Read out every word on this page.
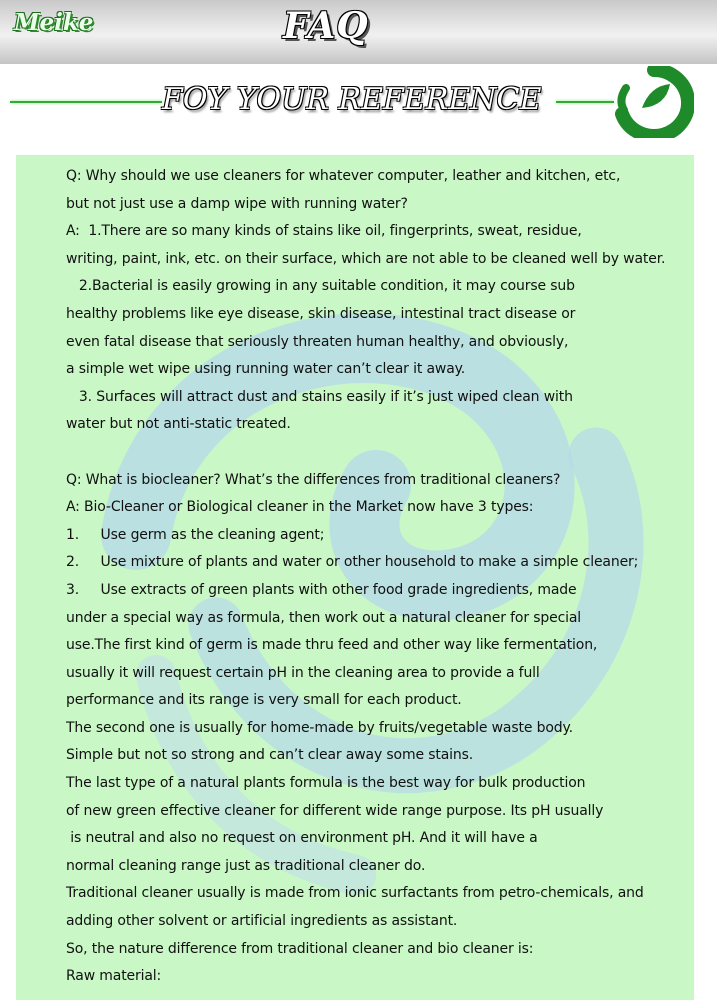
Meike	FAQ
FOY YOUR REFERENCE
Q: Why should we use cleaners for whatever computer, leather and kitchen, etc,
but not just use a damp wipe with running water?
A:  1.There are so many kinds of stains like oil, fingerprints, sweat, residue,
writing, paint, ink, etc. on their surface, which are not able to be cleaned well by water.
2.Bacterial is easily growing in any suitable condition, it may course sub
healthy problems like eye disease, skin disease, intestinal tract disease or
even fatal disease that seriously threaten human healthy, and obviously,
a simple wet wipe using running water can’t clear it away.
3. Surfaces will attract dust and stains easily if it’s just wiped clean with
water but not anti-static treated.
Q: What is biocleaner? What’s the differences from traditional cleaners?
A: Bio-Cleaner or Biological cleaner in the Market now have 3 types:
1.     Use germ as the cleaning agent;
2.     Use mixture of plants and water or other household to make a simple cleaner;
3.     Use extracts of green plants with other food grade ingredients, made
under a special way as formula, then work out a natural cleaner for special
use.The first kind of germ is made thru feed and other way like fermentation,
usually it will request certain pH in the cleaning area to provide a full
performance and its range is very small for each product.
The second one is usually for home-made by fruits/vegetable waste body.
Simple but not so strong and can’t clear away some stains.
The last type of a natural plants formula is the best way for bulk production
of new green effective cleaner for different wide range purpose. Its pH usually
is neutral and also no request on environment pH. And it will have a
normal cleaning range just as traditional cleaner do.
Traditional cleaner usually is made from ionic surfactants from petro-chemicals, and
adding other solvent or artificial ingredients as assistant.
So, the nature difference from traditional cleaner and bio cleaner is:
Raw material:
